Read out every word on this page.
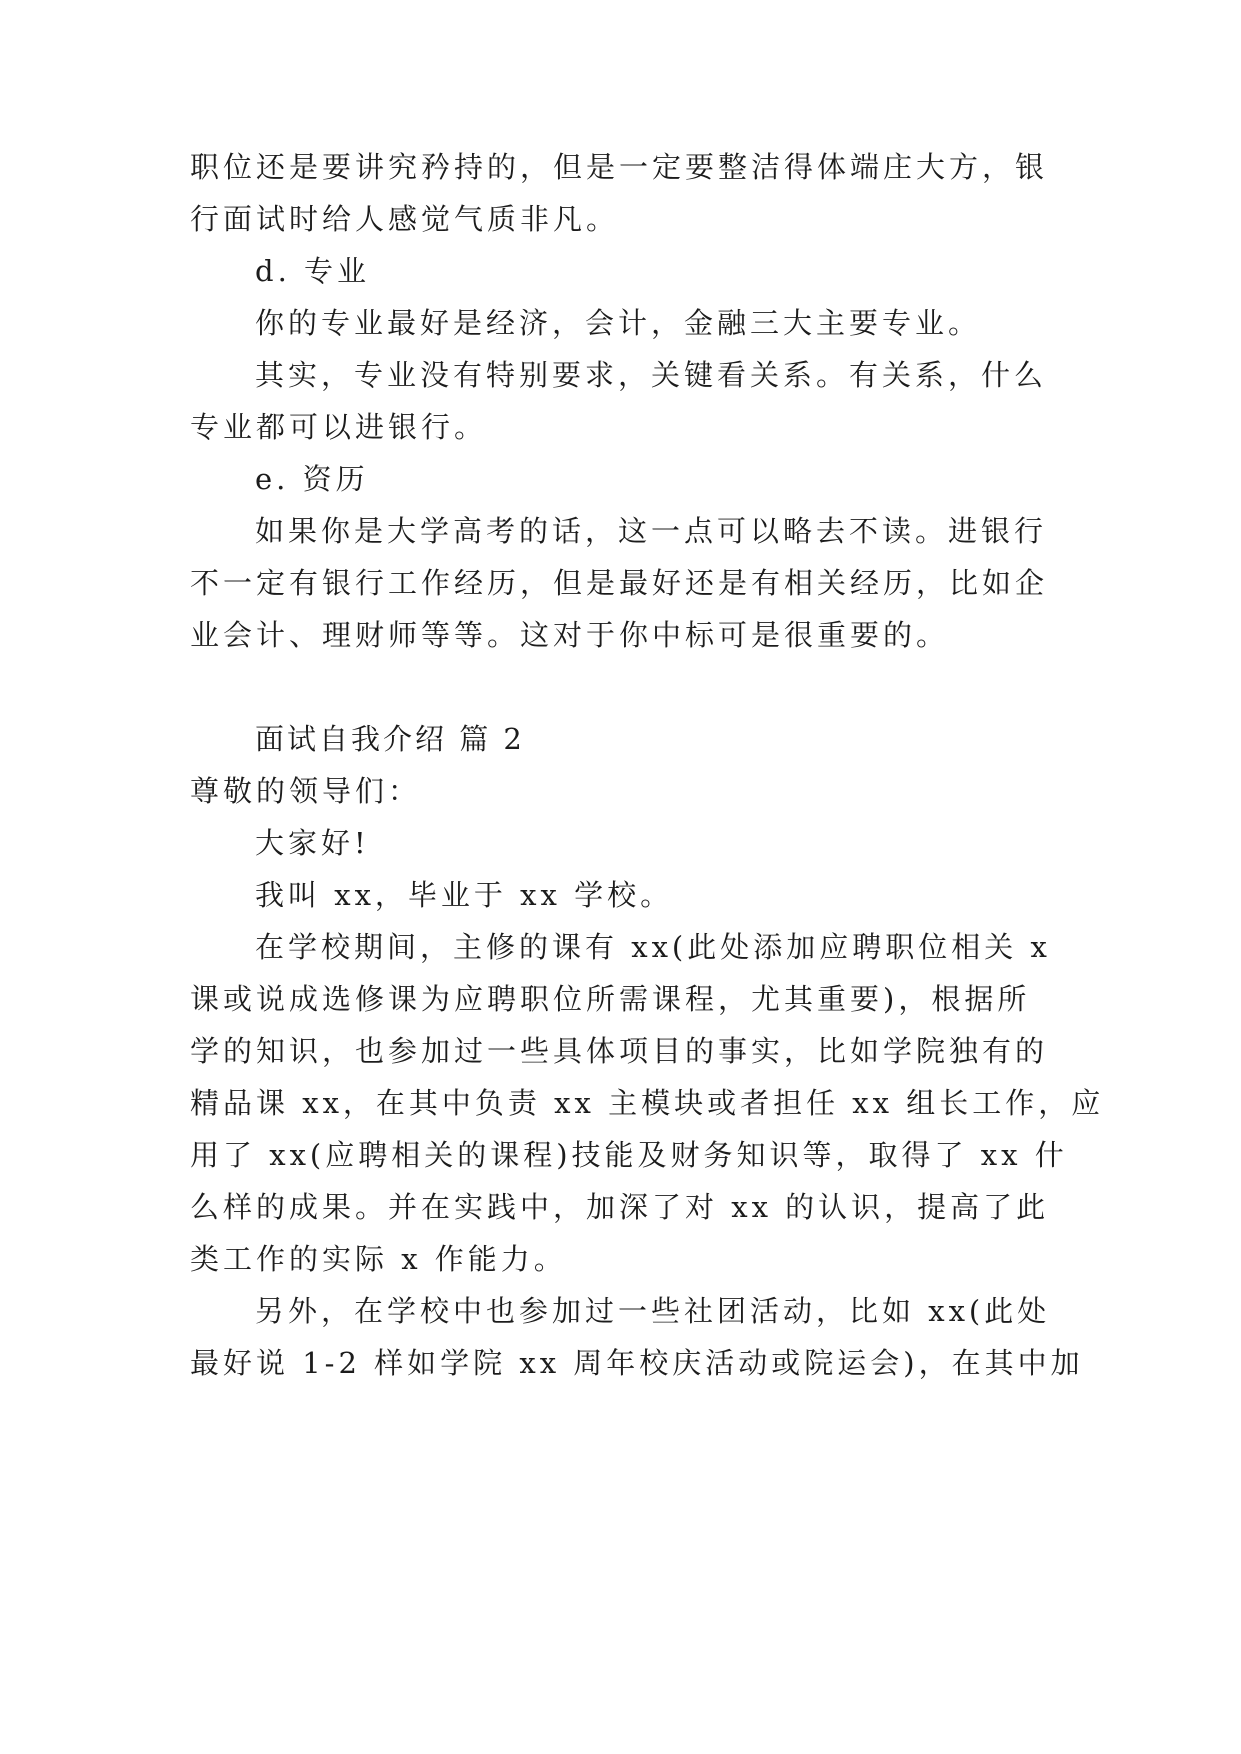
职位还是要讲究矜持的，但是一定要整洁得体端庄大方，银
行面试时给人感觉气质非凡。
d. 专业
你的专业最好是经济，会计，金融三大主要专业。
其实，专业没有特别要求，关键看关系。有关系，什么
专业都可以进银行。
e. 资历
如果你是大学高考的话，这一点可以略去不读。进银行
不一定有银行工作经历，但是最好还是有相关经历，比如企
业会计、理财师等等。这对于你中标可是很重要的。
面试自我介绍 篇 2
尊敬的领导们：
大家好!
我叫 xx，毕业于 xx 学校。
在学校期间，主修的课有 xx(此处添加应聘职位相关 x
课或说成选修课为应聘职位所需课程，尤其重要)，根据所
学的知识，也参加过一些具体项目的事实，比如学院独有的
精品课 xx，在其中负责 xx 主模块或者担任 xx 组长工作，应
用了 xx(应聘相关的课程)技能及财务知识等，取得了 xx 什
么样的成果。并在实践中，加深了对 xx 的认识，提高了此
类工作的实际 x 作能力。
另外，在学校中也参加过一些社团活动，比如 xx(此处
最好说 1-2 样如学院 xx 周年校庆活动或院运会)，在其中加
